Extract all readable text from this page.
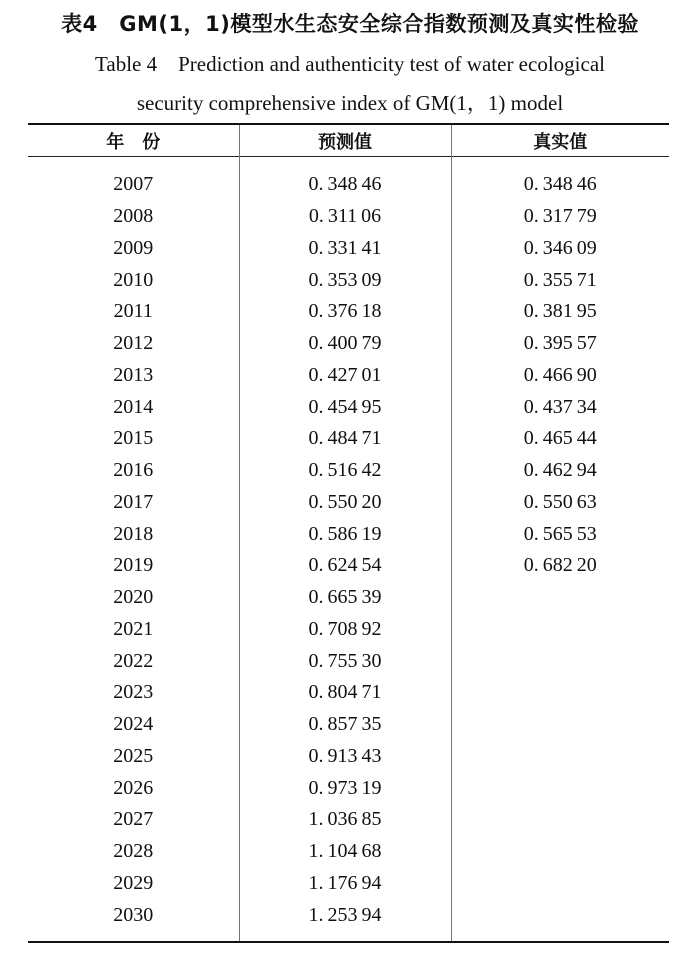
表4　GM(1，1)模型水生态安全综合指数预测及真实性检验
Table 4　Prediction and authenticity test of water ecological
security comprehensive index of GM(1，1) model
年　份	预测值	真实值
2007	0. 348 46	0. 348 46
2008	0. 311 06	0. 317 79
2009	0. 331 41	0. 346 09
2010	0. 353 09	0. 355 71
2011	0. 376 18	0. 381 95
2012	0. 400 79	0. 395 57
2013	0. 427 01	0. 466 90
2014	0. 454 95	0. 437 34
2015	0. 484 71	0. 465 44
2016	0. 516 42	0. 462 94
2017	0. 550 20	0. 550 63
2018	0. 586 19	0. 565 53
2019	0. 624 54	0. 682 20
2020	0. 665 39	
2021	0. 708 92	
2022	0. 755 30	
2023	0. 804 71	
2024	0. 857 35	
2025	0. 913 43	
2026	0. 973 19	
2027	1. 036 85	
2028	1. 104 68	
2029	1. 176 94	
2030	1. 253 94	
